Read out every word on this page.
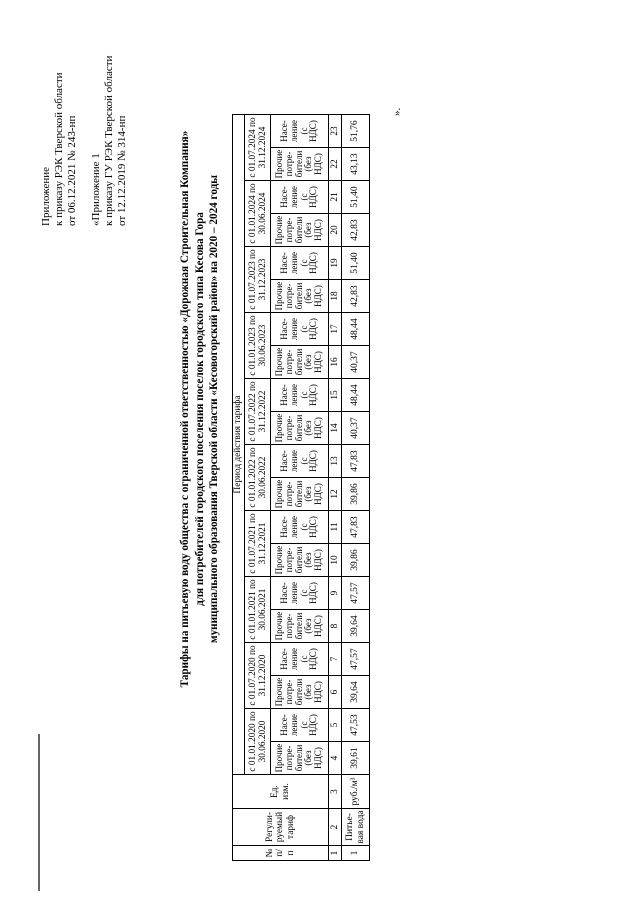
Приложение к приказу РЭК Тверской области от 06.12.2021 № 243-нп «Приложение 1 к приказу ГУ РЭК Тверской области от 12.12.2019 № 314-нп	Тарифы на питьевую воду общества с ограниченной ответственностью «Дорожная Строительная Компания» для потребителей городского поселения поселок городского типа Кесова Гора муниципального образования Тверской области «Кесовогорский район» на 2020 – 2024 годы
№ п/п	Регули-руемый тариф	Ед. изм.	Период действия тарифа																			
			с 01.01.2020 по 30.06.2020		с 01.07.2020 по 31.12.2020		с 01.01.2021 по 30.06.2021		с 01.07.2021 по 31.12.2021		с 01.01.2022 по 30.06.2022		с 01.07.2022 по 31.12.2022		с 01.01.2023 по 30.06.2023		с 01.07.2023 по 31.12.2023		с 01.01.2024 по 30.06.2024		с 01.07.2024 по 31.12.2024	
			Прочие потре-бители (без НДС)	Насе-ление (с НДС)	Прочие потре-бители (без НДС)	Насе-ление (с НДС)	Прочие потре-бители (без НДС)	Насе-ление (с НДС)	Прочие потре-бители (без НДС)	Насе-ление (с НДС)	Прочие потре-бители (без НДС)	Насе-ление (с НДС)	Прочие потре-бители (без НДС)	Насе-ление (с НДС)	Прочие потре-бители (без НДС)	Насе-ление (с НДС)	Прочие потре-бители (без НДС)	Насе-ление (с НДС)	Прочие потре-бители (без НДС)	Насе-ление (с НДС)	Прочие потре-бители (без НДС)	Насе-ление (с НДС)
1	2	3	4	5	6	7	8	9	10	11	12	13	14	15	16	17	18	19	20	21	22	23
1	Питье-вая вода	руб./м³	39,61	47,53	39,64	47,57	39,64	47,57	39,86	47,83	39,86	47,83	40,37	48,44	40,37	48,44	42,83	51,40	42,83	51,40	43,13	51,76
».
